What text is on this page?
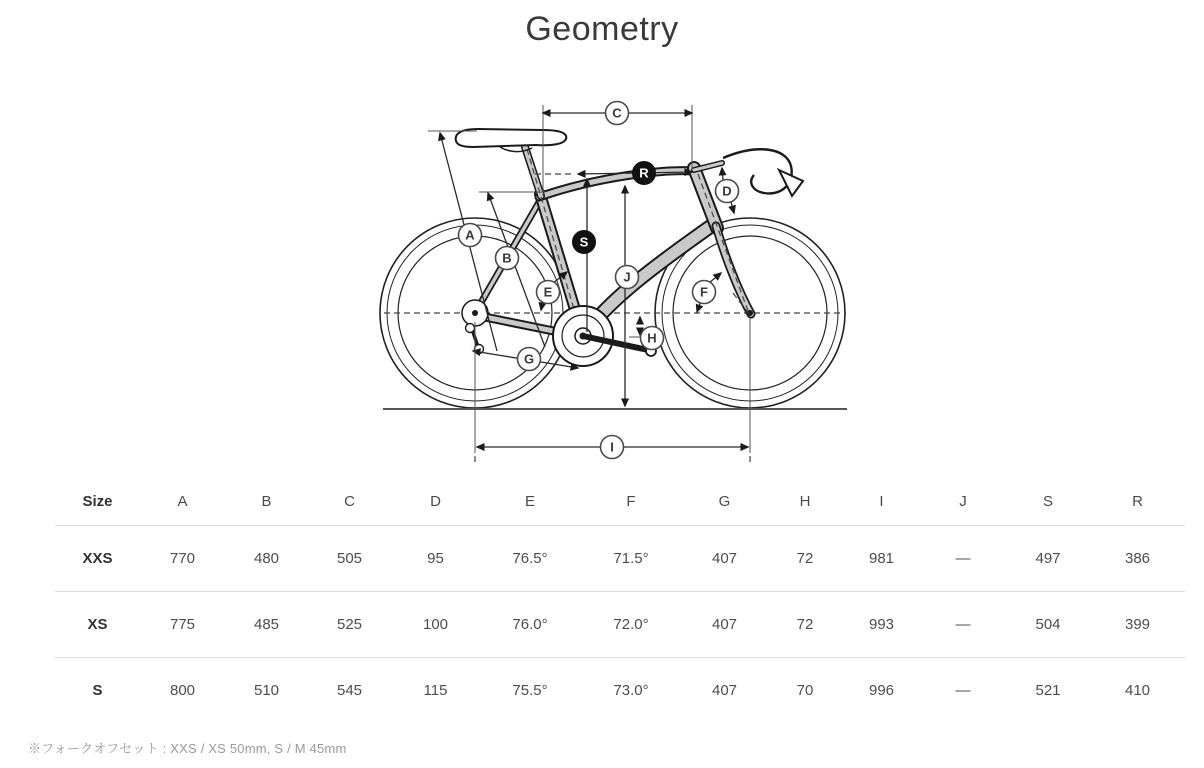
Geometry
A
B
C
D
E	F
G
H
I
J
R
S
Size	A	B	C	D	E	F	G	H	I	J	S	R
XXS	770	480	505	95	76.5°	71.5°	407	72	981	—	497	386
XS	775	485	525	100	76.0°	72.0°	407	72	993	—	504	399
S	800	510	545	115	75.5°	73.0°	407	70	996	—	521	410
※フォークオフセット : XXS / XS 50mm, S / M 45mm
